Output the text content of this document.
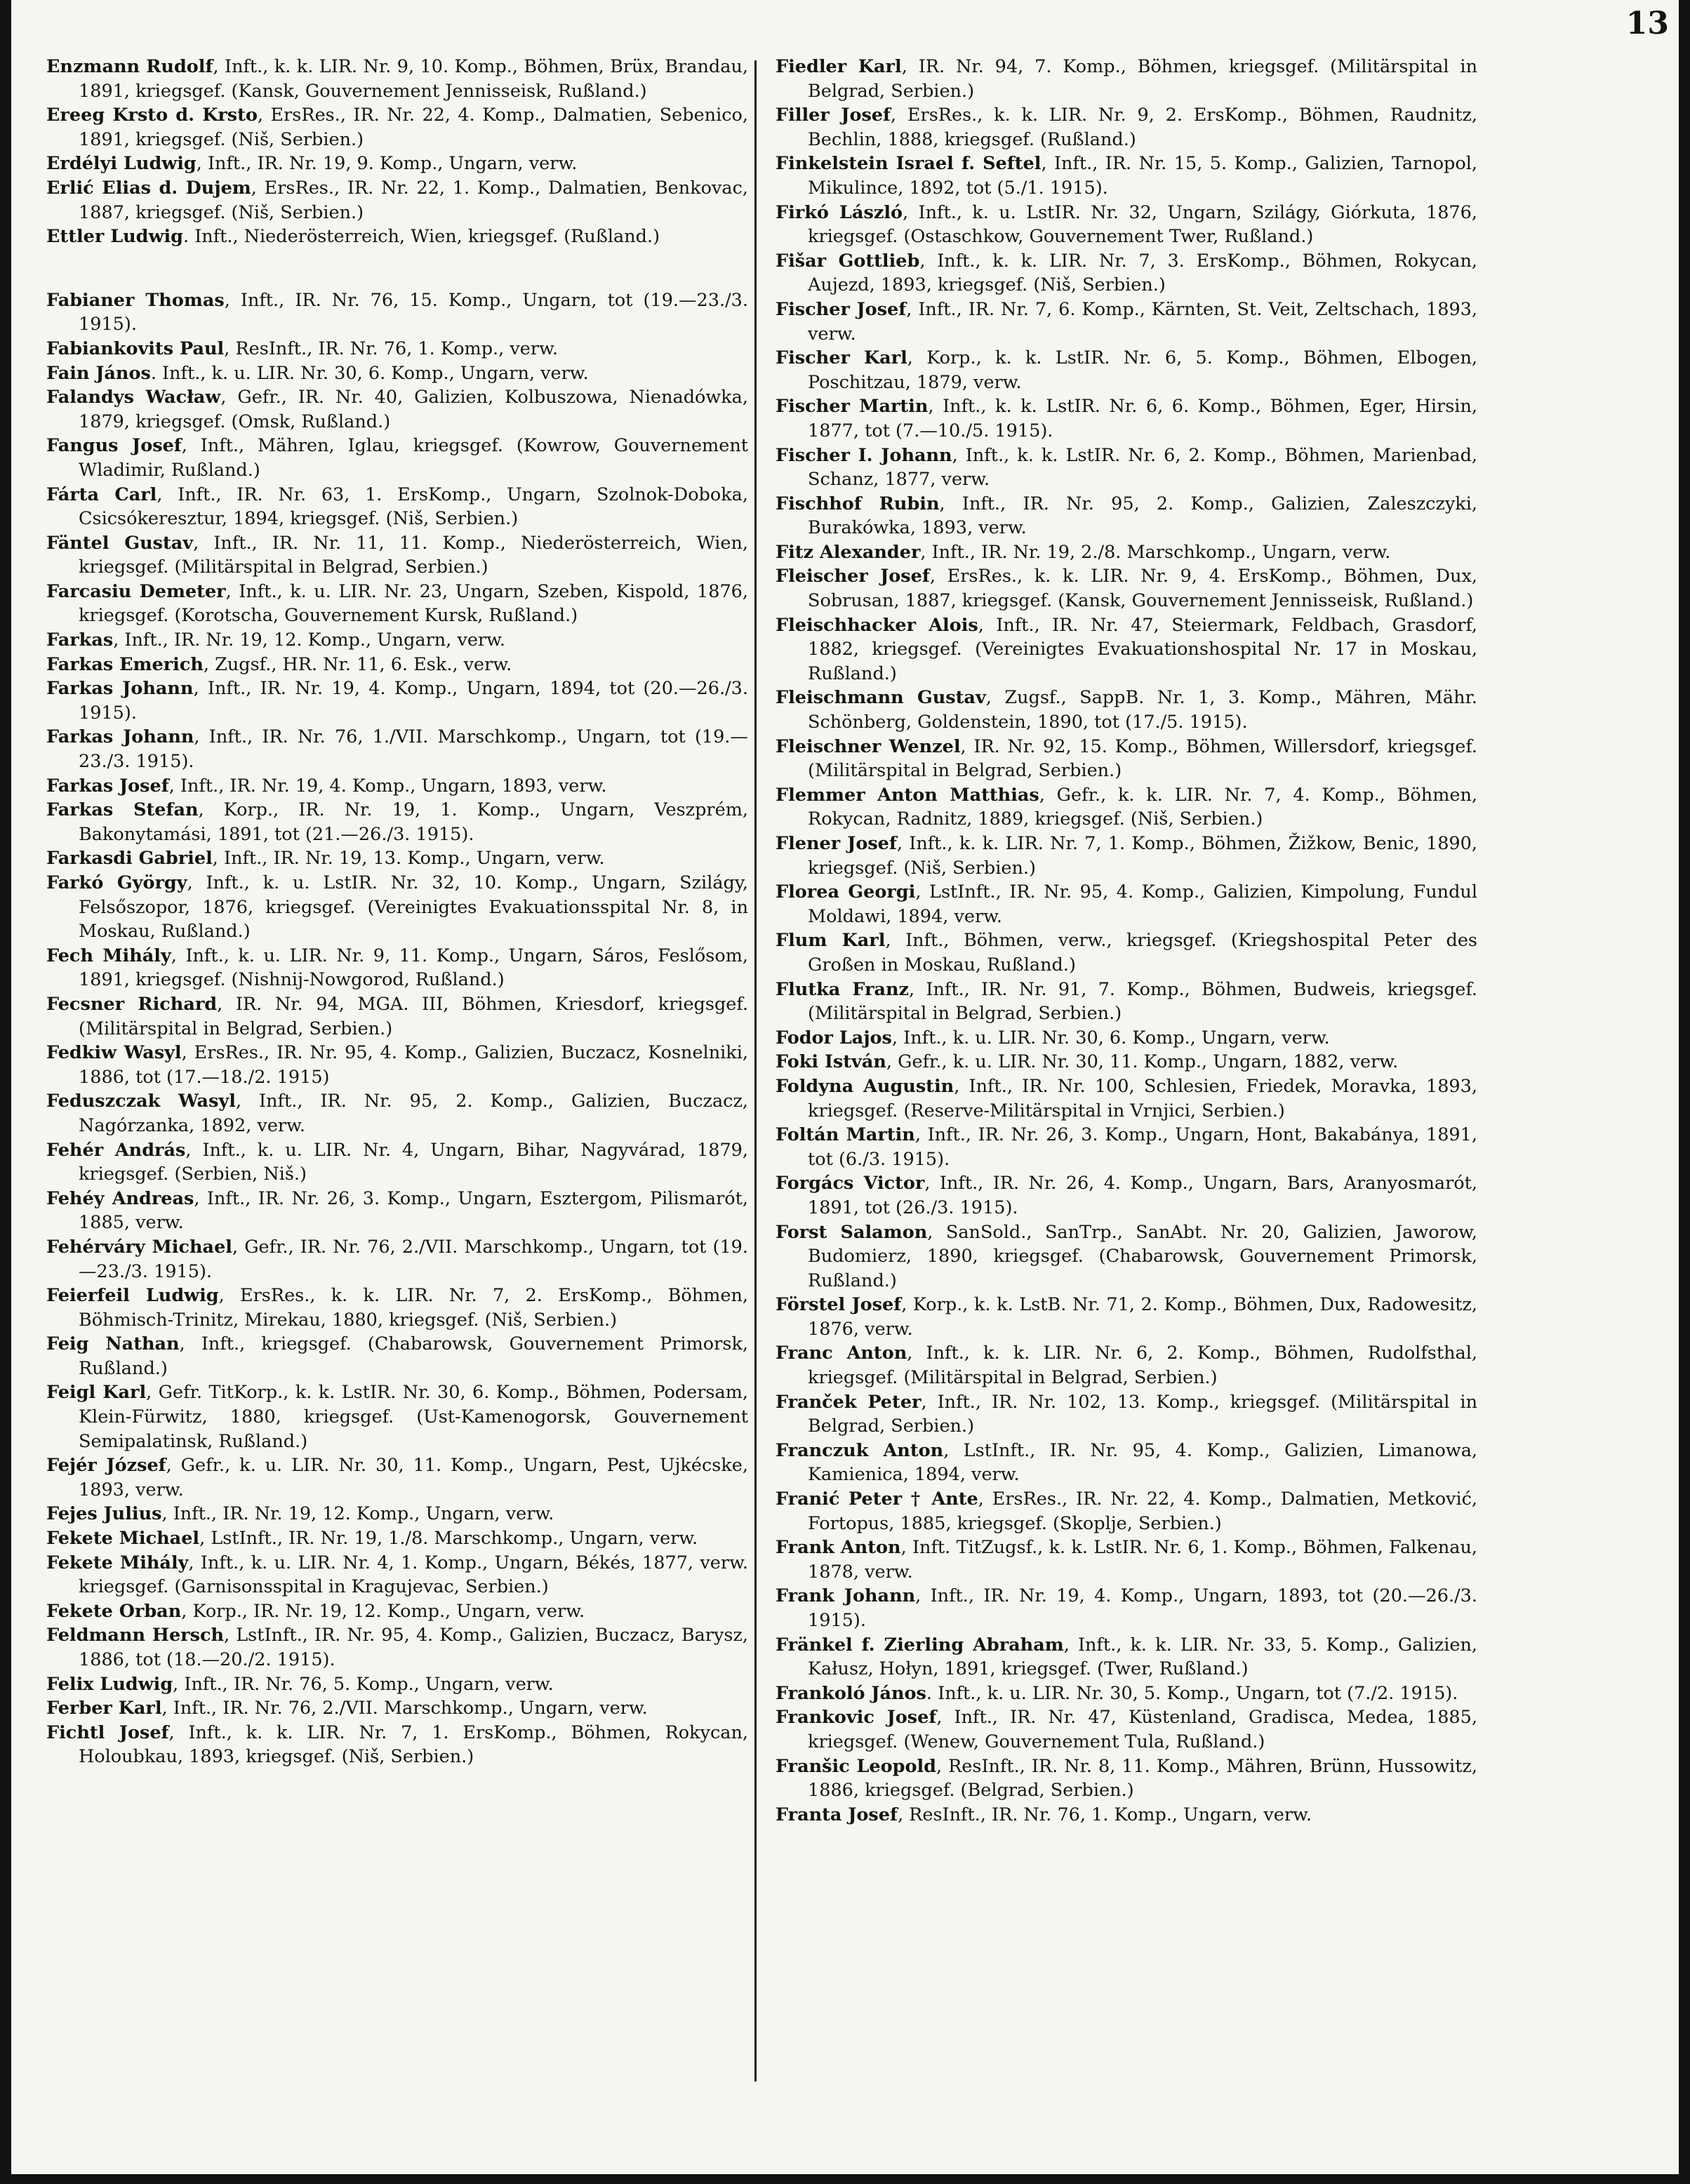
13
Enzmann Rudolf, Inft., k. k. LIR. Nr. 9, 10. Komp., Böhmen, Brüx, Brandau, 1891, kriegsgef. (Kansk, Gouvernement Jennisseisk, Rußland.)
Ereeg Krsto d. Krsto, ErsRes., IR. Nr. 22, 4. Komp., Dalmatien, Sebenico, 1891, kriegsgef. (Niš, Serbien.)
Erdélyi Ludwig, Inft., IR. Nr. 19, 9. Komp., Ungarn, verw.
Erlić Elias d. Dujem, ErsRes., IR. Nr. 22, 1. Komp., Dalmatien, Benkovac, 1887, kriegsgef. (Niš, Serbien.)
Ettler Ludwig. Inft., Niederösterreich, Wien, kriegsgef. (Rußland.)
Fabianer Thomas, Inft., IR. Nr. 76, 15. Komp., Ungarn, tot (19.—23./3. 1915).
Fabiankovits Paul, ResInft., IR. Nr. 76, 1. Komp., verw.
Fain János. Inft., k. u. LIR. Nr. 30, 6. Komp., Ungarn, verw.
Falandys Wacław, Gefr., IR. Nr. 40, Galizien, Kolbuszowa, Nienadówka, 1879, kriegsgef. (Omsk, Rußland.)
Fangus Josef, Inft., Mähren, Iglau, kriegsgef. (Kowrow, Gouvernement Wladimir, Rußland.)
Fárta Carl, Inft., IR. Nr. 63, 1. ErsKomp., Ungarn, Szolnok-Doboka, Csicsókeresztur, 1894, kriegsgef. (Niš, Serbien.)
Fäntel Gustav, Inft., IR. Nr. 11, 11. Komp., Niederösterreich, Wien, kriegsgef. (Militärspital in Belgrad, Serbien.)
Farcasiu Demeter, Inft., k. u. LIR. Nr. 23, Ungarn, Szeben, Kispold, 1876, kriegsgef. (Korotscha, Gouvernement Kursk, Rußland.)
Farkas, Inft., IR. Nr. 19, 12. Komp., Ungarn, verw.
Farkas Emerich, Zugsf., HR. Nr. 11, 6. Esk., verw.
Farkas Johann, Inft., IR. Nr. 19, 4. Komp., Ungarn, 1894, tot (20.—26./3. 1915).
Farkas Johann, Inft., IR. Nr. 76, 1./VII. Marschkomp., Ungarn, tot (19.—23./3. 1915).
Farkas Josef, Inft., IR. Nr. 19, 4. Komp., Ungarn, 1893, verw.
Farkas Stefan, Korp., IR. Nr. 19, 1. Komp., Ungarn, Veszprém, Bakonytamási, 1891, tot (21.—26./3. 1915).
Farkasdi Gabriel, Inft., IR. Nr. 19, 13. Komp., Ungarn, verw.
Farkó György, Inft., k. u. LstIR. Nr. 32, 10. Komp., Ungarn, Szilágy, Felsőszopor, 1876, kriegsgef. (Vereinigtes Evakuationsspital Nr. 8, in Moskau, Rußland.)
Fech Mihály, Inft., k. u. LIR. Nr. 9, 11. Komp., Ungarn, Sáros, Feslősom, 1891, kriegsgef. (Nishnij-Nowgorod, Rußland.)
Fecsner Richard, IR. Nr. 94, MGA. III, Böhmen, Kriesdorf, kriegsgef. (Militärspital in Belgrad, Serbien.)
Fedkiw Wasyl, ErsRes., IR. Nr. 95, 4. Komp., Galizien, Buczacz, Kosnelniki, 1886, tot (17.—18./2. 1915)
Feduszczak Wasyl, Inft., IR. Nr. 95, 2. Komp., Galizien, Buczacz, Nagórzanka, 1892, verw.
Fehér András, Inft., k. u. LIR. Nr. 4, Ungarn, Bihar, Nagyvárad, 1879, kriegsgef. (Serbien, Niš.)
Fehéy Andreas, Inft., IR. Nr. 26, 3. Komp., Ungarn, Esztergom, Pilismarót, 1885, verw.
Fehérváry Michael, Gefr., IR. Nr. 76, 2./VII. Marschkomp., Ungarn, tot (19.—23./3. 1915).
Feierfeil Ludwig, ErsRes., k. k. LIR. Nr. 7, 2. ErsKomp., Böhmen, Böhmisch-Trinitz, Mirekau, 1880, kriegsgef. (Niš, Serbien.)
Feig Nathan, Inft., kriegsgef. (Chabarowsk, Gouvernement Primorsk, Rußland.)
Feigl Karl, Gefr. TitKorp., k. k. LstIR. Nr. 30, 6. Komp., Böhmen, Podersam, Klein-Fürwitz, 1880, kriegsgef. (Ust-Kamenogorsk, Gouvernement Semipalatinsk, Rußland.)
Fejér József, Gefr., k. u. LIR. Nr. 30, 11. Komp., Ungarn, Pest, Ujkécske, 1893, verw.
Fejes Julius, Inft., IR. Nr. 19, 12. Komp., Ungarn, verw.
Fekete Michael, LstInft., IR. Nr. 19, 1./8. Marschkomp., Ungarn, verw.
Fekete Mihály, Inft., k. u. LIR. Nr. 4, 1. Komp., Ungarn, Békés, 1877, verw. kriegsgef. (Garnisonsspital in Kragujevac, Serbien.)
Fekete Orban, Korp., IR. Nr. 19, 12. Komp., Ungarn, verw.
Feldmann Hersch, LstInft., IR. Nr. 95, 4. Komp., Galizien, Buczacz, Barysz, 1886, tot (18.—20./2. 1915).
Felix Ludwig, Inft., IR. Nr. 76, 5. Komp., Ungarn, verw.
Ferber Karl, Inft., IR. Nr. 76, 2./VII. Marschkomp., Ungarn, verw.
Fichtl Josef, Inft., k. k. LIR. Nr. 7, 1. ErsKomp., Böhmen, Rokycan, Holoubkau, 1893, kriegsgef. (Niš, Serbien.)
Fiedler Karl, IR. Nr. 94, 7. Komp., Böhmen, kriegsgef. (Militärspital in Belgrad, Serbien.)
Filler Josef, ErsRes., k. k. LIR. Nr. 9, 2. ErsKomp., Böhmen, Raudnitz, Bechlin, 1888, kriegsgef. (Rußland.)
Finkelstein Israel f. Seftel, Inft., IR. Nr. 15, 5. Komp., Galizien, Tarnopol, Mikulince, 1892, tot (5./1. 1915).
Firkó László, Inft., k. u. LstIR. Nr. 32, Ungarn, Szilágy, Giórkuta, 1876, kriegsgef. (Ostaschkow, Gouvernement Twer, Rußland.)
Fišar Gottlieb, Inft., k. k. LIR. Nr. 7, 3. ErsKomp., Böhmen, Rokycan, Aujezd, 1893, kriegsgef. (Niš, Serbien.)
Fischer Josef, Inft., IR. Nr. 7, 6. Komp., Kärnten, St. Veit, Zeltschach, 1893, verw.
Fischer Karl, Korp., k. k. LstIR. Nr. 6, 5. Komp., Böhmen, Elbogen, Poschitzau, 1879, verw.
Fischer Martin, Inft., k. k. LstIR. Nr. 6, 6. Komp., Böhmen, Eger, Hirsin, 1877, tot (7.—10./5. 1915).
Fischer I. Johann, Inft., k. k. LstIR. Nr. 6, 2. Komp., Böhmen, Marienbad, Schanz, 1877, verw.
Fischhof Rubin, Inft., IR. Nr. 95, 2. Komp., Galizien, Zaleszczyki, Burakówka, 1893, verw.
Fitz Alexander, Inft., IR. Nr. 19, 2./8. Marschkomp., Ungarn, verw.
Fleischer Josef, ErsRes., k. k. LIR. Nr. 9, 4. ErsKomp., Böhmen, Dux, Sobrusan, 1887, kriegsgef. (Kansk, Gouvernement Jennisseisk, Rußland.)
Fleischhacker Alois, Inft., IR. Nr. 47, Steiermark, Feldbach, Grasdorf, 1882, kriegsgef. (Vereinigtes Evakuationshospital Nr. 17 in Moskau, Rußland.)
Fleischmann Gustav, Zugsf., SappB. Nr. 1, 3. Komp., Mähren, Mähr. Schönberg, Goldenstein, 1890, tot (17./5. 1915).
Fleischner Wenzel, IR. Nr. 92, 15. Komp., Böhmen, Willersdorf, kriegsgef. (Militärspital in Belgrad, Serbien.)
Flemmer Anton Matthias, Gefr., k. k. LIR. Nr. 7, 4. Komp., Böhmen, Rokycan, Radnitz, 1889, kriegsgef. (Niš, Serbien.)
Flener Josef, Inft., k. k. LIR. Nr. 7, 1. Komp., Böhmen, Žižkow, Benic, 1890, kriegsgef. (Niš, Serbien.)
Florea Georgi, LstInft., IR. Nr. 95, 4. Komp., Galizien, Kimpolung, Fundul Moldawi, 1894, verw.
Flum Karl, Inft., Böhmen, verw., kriegsgef. (Kriegshospital Peter des Großen in Moskau, Rußland.)
Flutka Franz, Inft., IR. Nr. 91, 7. Komp., Böhmen, Budweis, kriegsgef. (Militärspital in Belgrad, Serbien.)
Fodor Lajos, Inft., k. u. LIR. Nr. 30, 6. Komp., Ungarn, verw.
Foki István, Gefr., k. u. LIR. Nr. 30, 11. Komp., Ungarn, 1882, verw.
Foldyna Augustin, Inft., IR. Nr. 100, Schlesien, Friedek, Moravka, 1893, kriegsgef. (Reserve-Militärspital in Vrnjici, Serbien.)
Foltán Martin, Inft., IR. Nr. 26, 3. Komp., Ungarn, Hont, Bakabánya, 1891, tot (6./3. 1915).
Forgács Victor, Inft., IR. Nr. 26, 4. Komp., Ungarn, Bars, Aranyosmarót, 1891, tot (26./3. 1915).
Forst Salamon, SanSold., SanTrp., SanAbt. Nr. 20, Galizien, Jaworow, Budomierz, 1890, kriegsgef. (Chabarowsk, Gouvernement Primorsk, Rußland.)
Förstel Josef, Korp., k. k. LstB. Nr. 71, 2. Komp., Böhmen, Dux, Radowesitz, 1876, verw.
Franc Anton, Inft., k. k. LIR. Nr. 6, 2. Komp., Böhmen, Rudolfsthal, kriegsgef. (Militärspital in Belgrad, Serbien.)
Franček Peter, Inft., IR. Nr. 102, 13. Komp., kriegsgef. (Militärspital in Belgrad, Serbien.)
Franczuk Anton, LstInft., IR. Nr. 95, 4. Komp., Galizien, Limanowa, Kamienica, 1894, verw.
Franić Peter † Ante, ErsRes., IR. Nr. 22, 4. Komp., Dalmatien, Metković, Fortopus, 1885, kriegsgef. (Skoplje, Serbien.)
Frank Anton, Inft. TitZugsf., k. k. LstIR. Nr. 6, 1. Komp., Böhmen, Falkenau, 1878, verw.
Frank Johann, Inft., IR. Nr. 19, 4. Komp., Ungarn, 1893, tot (20.—26./3. 1915).
Fränkel f. Zierling Abraham, Inft., k. k. LIR. Nr. 33, 5. Komp., Galizien, Kałusz, Hołyn, 1891, kriegsgef. (Twer, Rußland.)
Frankoló János. Inft., k. u. LIR. Nr. 30, 5. Komp., Ungarn, tot (7./2. 1915).
Frankovic Josef, Inft., IR. Nr. 47, Küstenland, Gradisca, Medea, 1885, kriegsgef. (Wenew, Gouvernement Tula, Rußland.)
Franšic Leopold, ResInft., IR. Nr. 8, 11. Komp., Mähren, Brünn, Hussowitz, 1886, kriegsgef. (Belgrad, Serbien.)
Franta Josef, ResInft., IR. Nr. 76, 1. Komp., Ungarn, verw.
